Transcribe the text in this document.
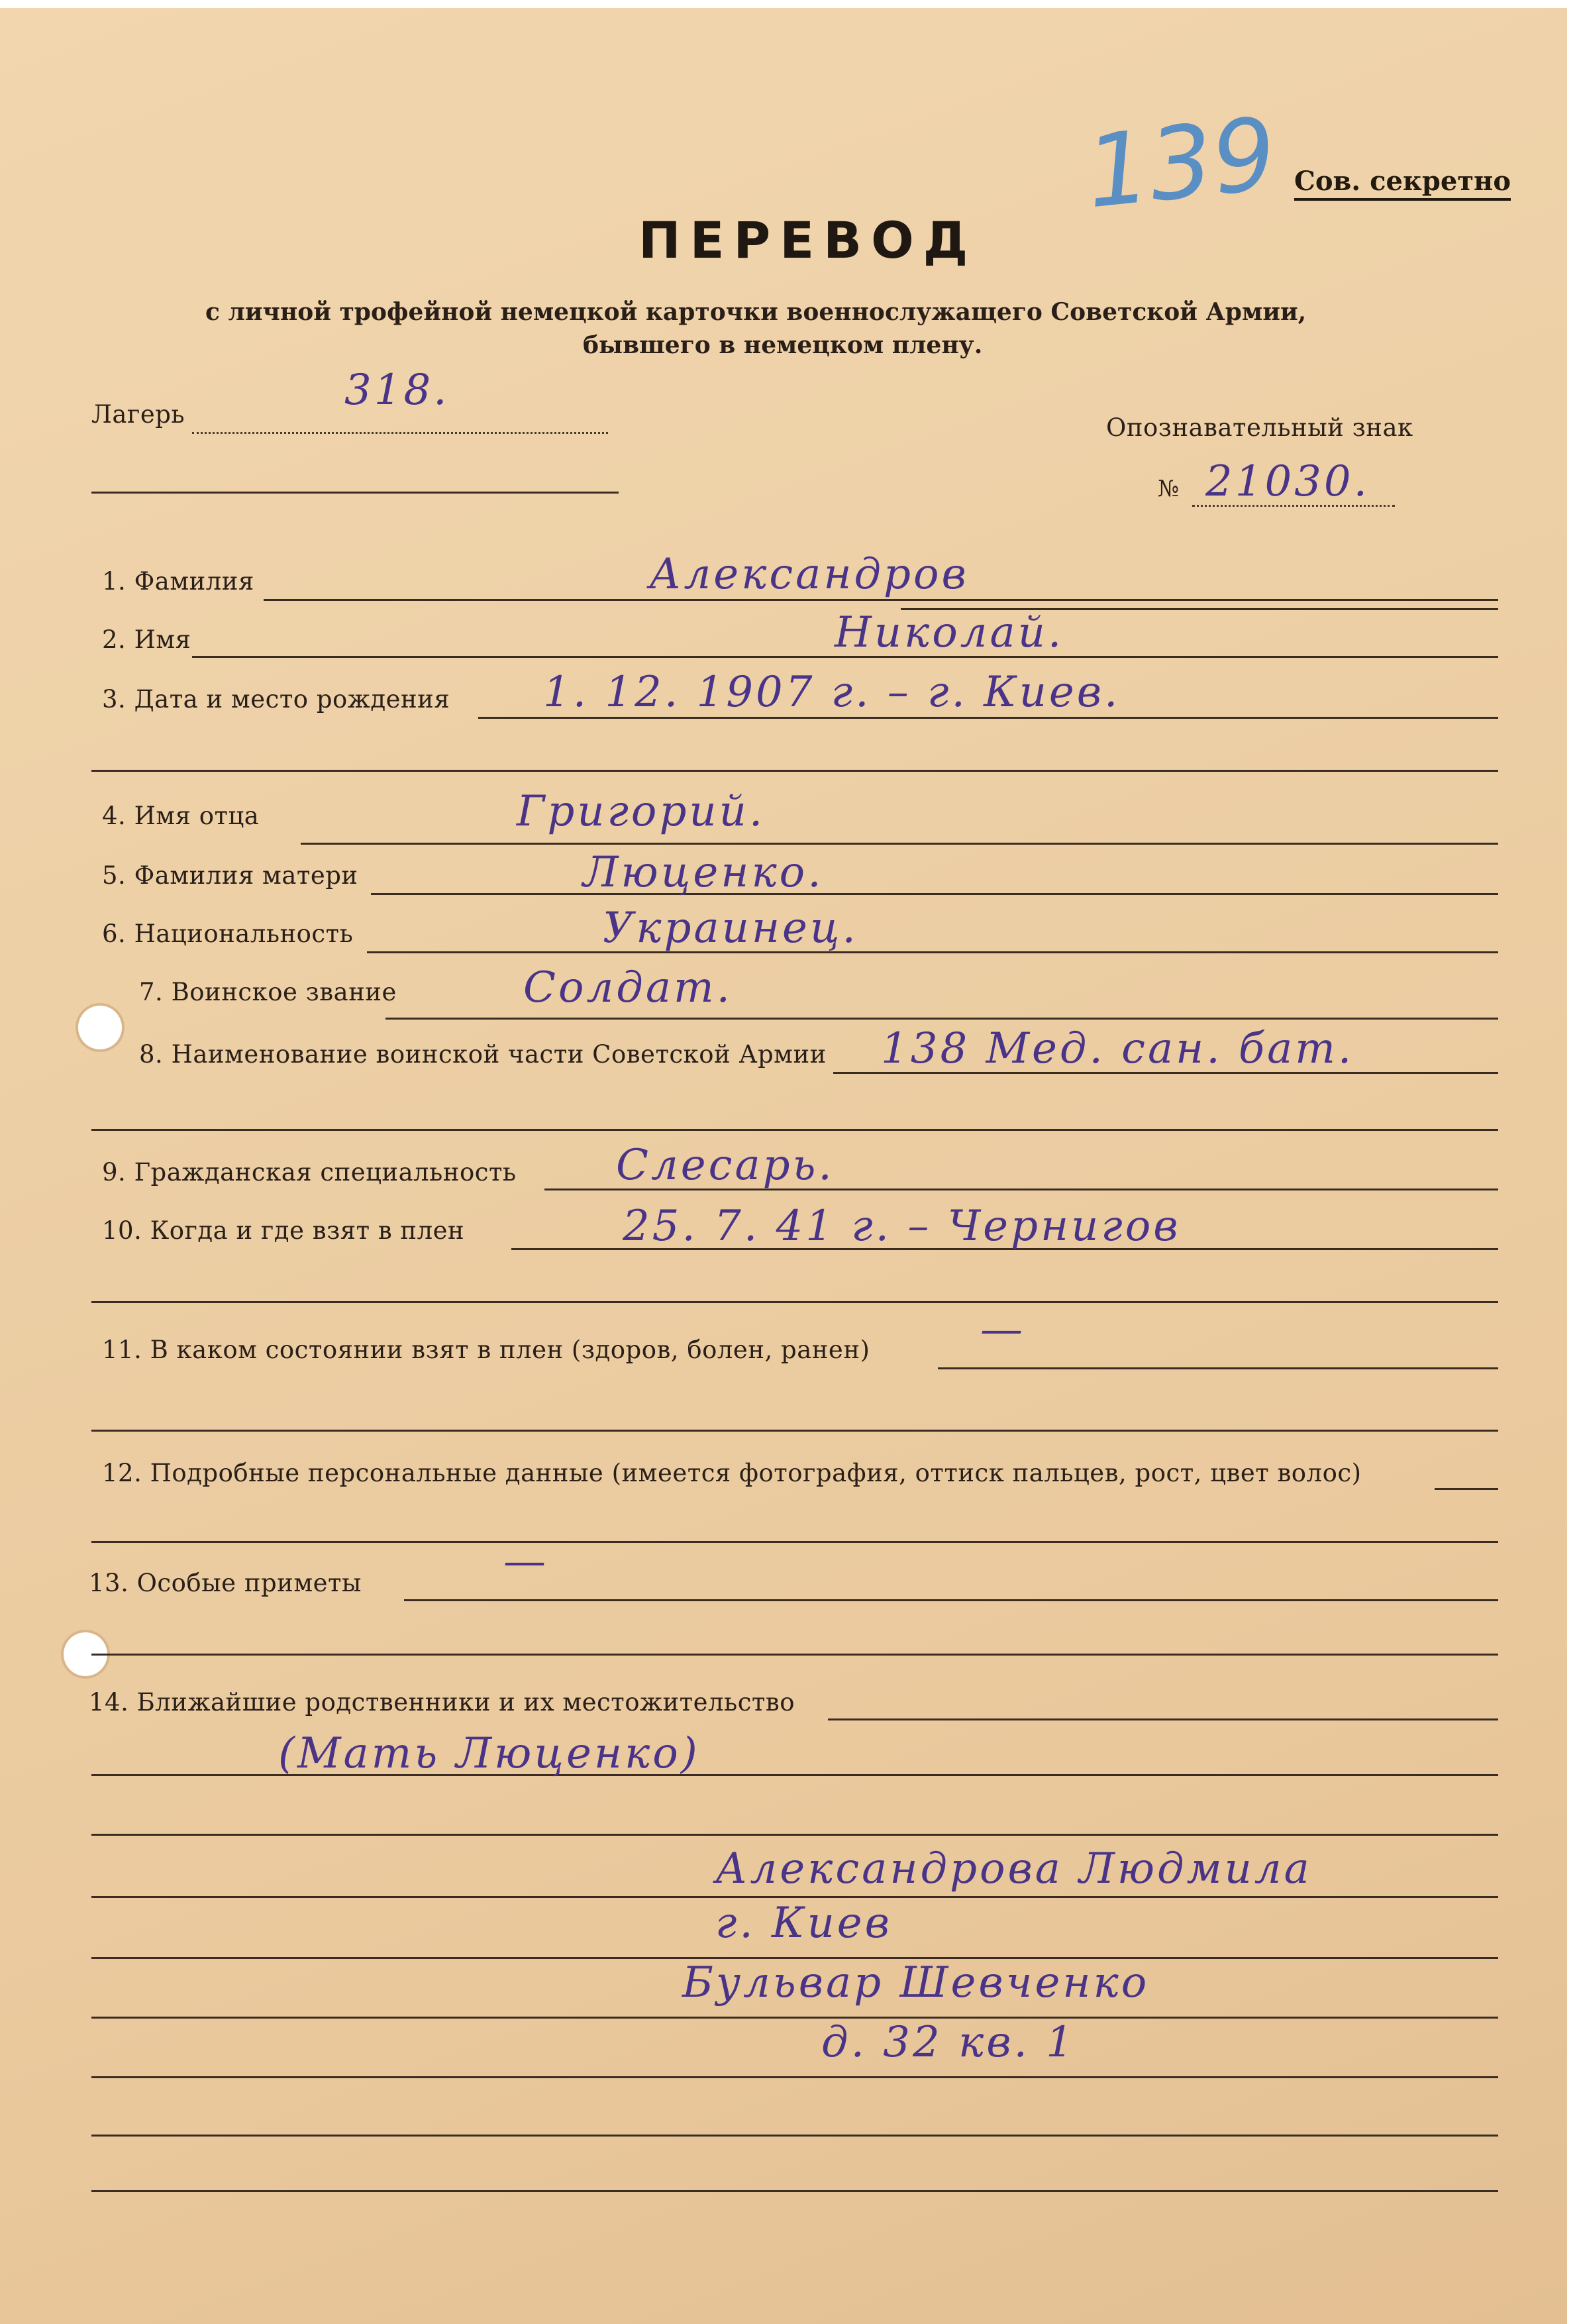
139 Сов. секретно
ПЕРЕВОД
с личной трофейной немецкой карточки военнослужащего Советской Армии,
бывшего в немецком плену.
Лагерь	318.
Опознавательный знак
№ 21030.
1. Фамилия	Александров
2. Имя	Николай.
3. Дата и место рождения 1. 12. 1907 г. – г. Киев.
4. Имя отца	Григорий.
5. Фамилия матери	Люценко.
6. Национальность	Украинец.
7. Воинское звание	Солдат.
8. Наименование воинской части Советской Армии 138 Мед. сан. бат.
9. Гражданская специальность Слесарь.
10. Когда и где взят в плен	25. 7. 41 г. – Чернигов
11. В каком состоянии взят в плен (здоров, болен, ранен)	—
12. Подробные персональные данные (имеется фотография, оттиск пальцев, рост, цвет волос)
13. Особые приметы	—
14. Ближайшие родственники и их местожительство
(Мать Люценко)
Александрова Людмила
г. Киев
Бульвар Шевченко
д. 32 кв. 1
